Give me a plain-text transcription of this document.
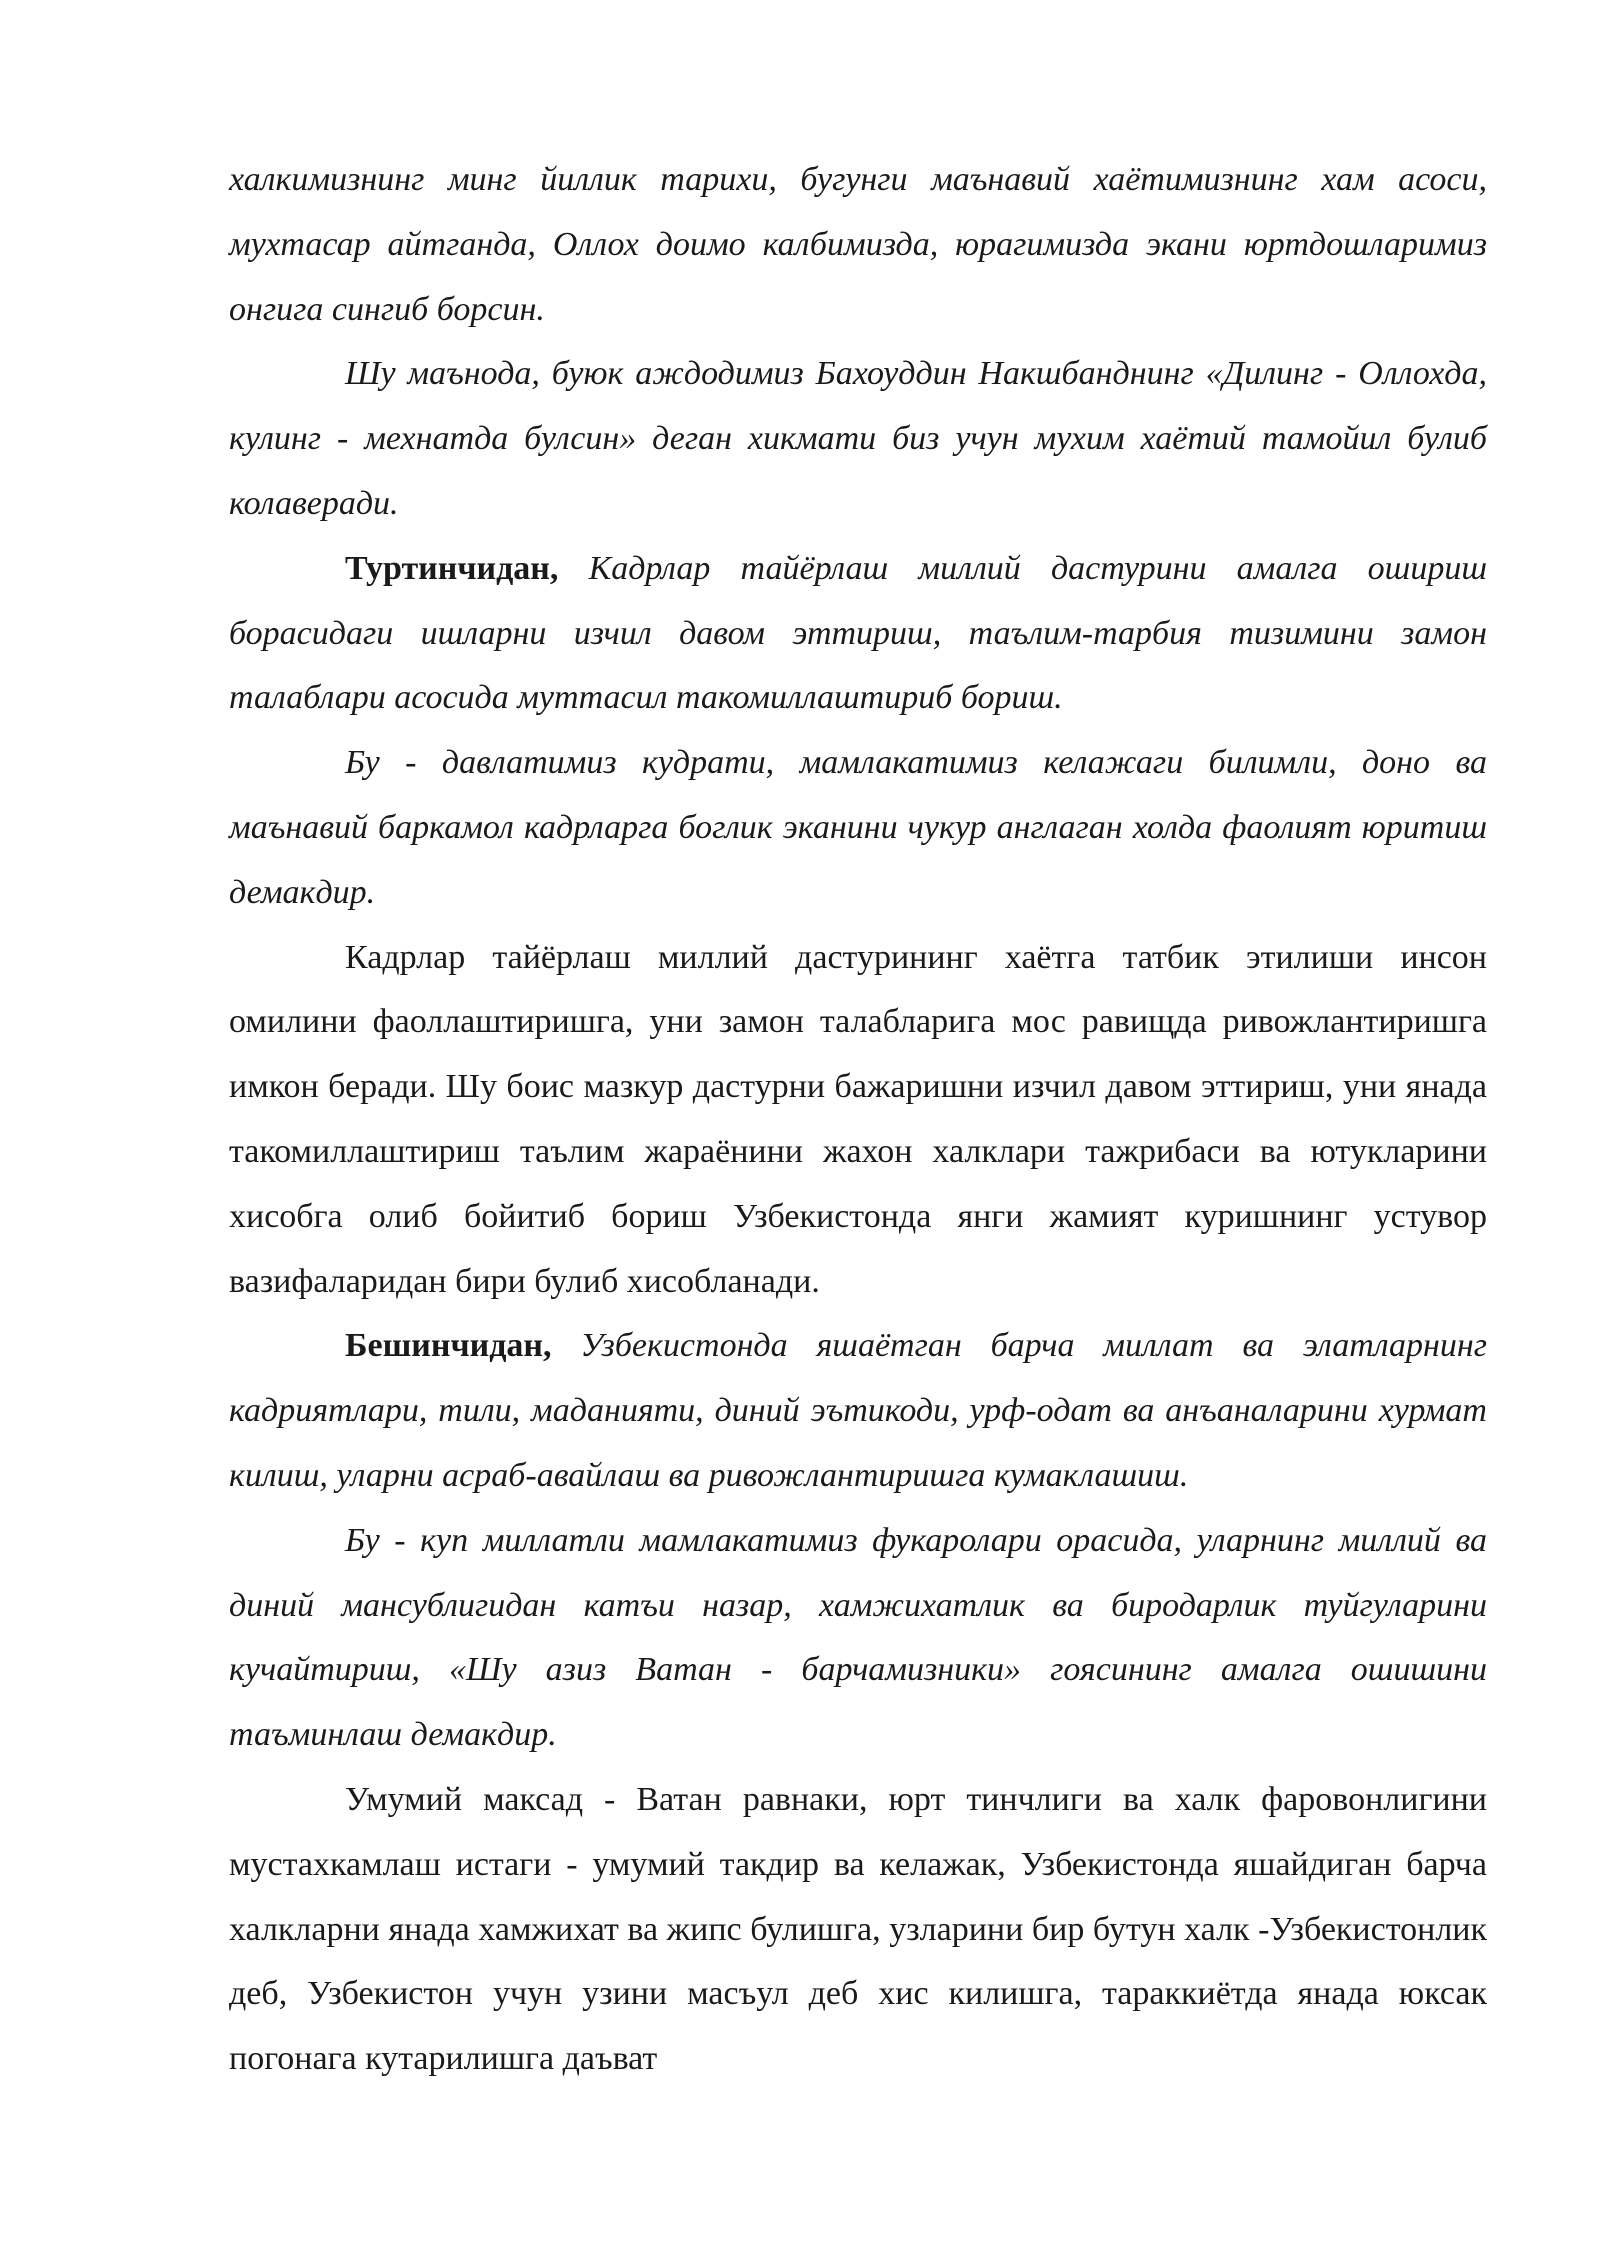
халкимизнинг минг йиллик тарихи, бугунги маънавий хаётимизнинг хам асоси, мухтасар айтганда, Оллох доимо калбимизда, юрагимизда экани юртдошларимиз онгига сингиб борсин.

Шу маънода, буюк аждодимиз Бахоуддин Накшбанднинг «Дилинг - Оллохда, кулинг - мехнатда булсин» деган хикмати биз учун мухим хаётий тамойил булиб колаверади.

Туртинчидан, Кадрлар тайёрлаш миллий дастурини амалга ошириш борасидаги ишларни изчил давом эттириш, таълим-тарбия тизимини замон талаблари асосида муттасил такомиллаштириб бориш.

Бу - давлатимиз кудрати, мамлакатимиз келажаги билимли, доно ва маънавий баркамол кадрларга боглик эканини чукур англаган холда фаолият юритиш демакдир.

Кадрлар тайёрлаш миллий дастурининг хаётга татбик этилиши инсон омилини фаоллаштиришга, уни замон талабларига мос равищда ривожлантиришга имкон беради. Шу боис мазкур дастурни бажаришни изчил давом эттириш, уни янада такомиллаштириш таълим жараёнини жахон халклари тажрибаси ва ютукларини хисобга олиб бойитиб бориш Узбекистонда янги жамият куришнинг устувор вазифаларидан бири булиб хисобланади.

Бешинчидан, Узбекистонда яшаётган барча миллат ва элатларнинг кадриятлари, тили, маданияти, диний эътикоди, урф-одат ва анъаналарини хурмат килиш, уларни асраб-авайлаш ва ривожлантиришга кумаклашиш.

Бу - куп миллатли мамлакатимиз фукаролари орасида, уларнинг миллий ва диний мансублигидан катъи назар, хамжихатлик ва биродарлик туйгуларини кучайтириш, «Шу азиз Ватан - барчамизники» гоясининг амалга ошишини таъминлаш демакдир.

Умумий максад - Ватан равнаки, юрт тинчлиги ва халк фаровонлигини мустахкамлаш истаги - умумий такдир ва келажак, Узбекистонда яшайдиган барча халкларни янада хамжихат ва жипс булишга, узларини бир бутун халк -Узбекистонлик деб, Узбекистон учун узини масъул деб хис килишга, тараккиётда янада юксак погонага кутарилишга даъват
